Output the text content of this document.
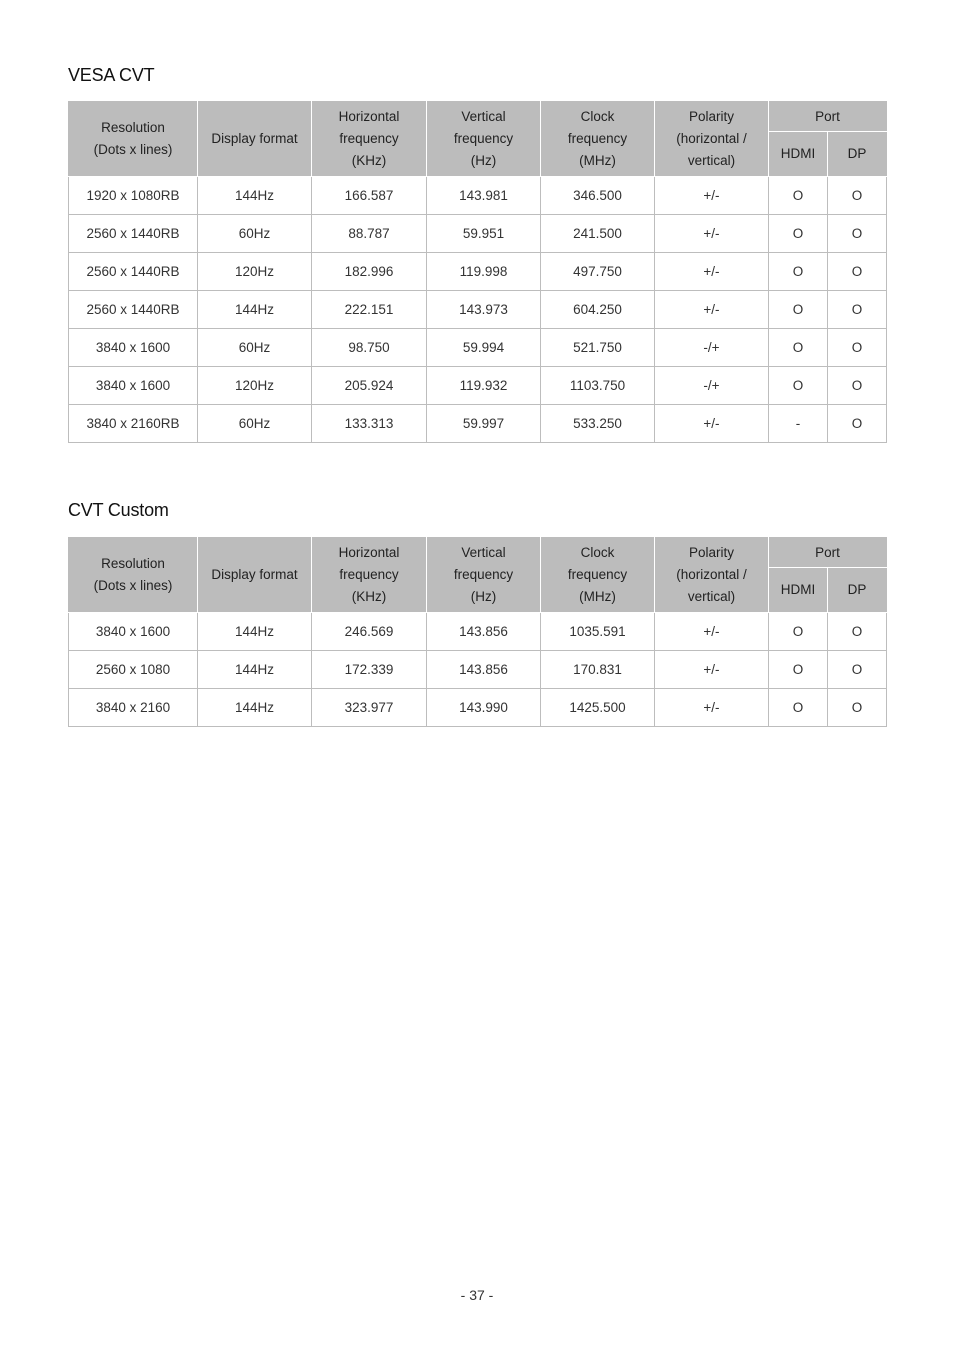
VESA CVT
Resolution
(Dots x lines)	Display format	Horizontal
frequency
(KHz)	Vertical
frequency
(Hz)	Clock
frequency
(MHz)	Polarity
(horizontal /
vertical)	Port	
						HDMI	DP
1920 x 1080RB	144Hz	166.587	143.981	346.500	+/-	O	O
2560 x 1440RB	60Hz	88.787	59.951	241.500	+/-	O	O
2560 x 1440RB	120Hz	182.996	119.998	497.750	+/-	O	O
2560 x 1440RB	144Hz	222.151	143.973	604.250	+/-	O	O
3840 x 1600	60Hz	98.750	59.994	521.750	-/+	O	O
3840 x 1600	120Hz	205.924	119.932	1103.750	-/+	O	O
3840 x 2160RB	60Hz	133.313	59.997	533.250	+/-	-	O
CVT Custom
Resolution
(Dots x lines)	Display format	Horizontal
frequency
(KHz)	Vertical
frequency
(Hz)	Clock
frequency
(MHz)	Polarity
(horizontal /
vertical)	Port	
						HDMI	DP
3840 x 1600	144Hz	246.569	143.856	1035.591	+/-	O	O
2560 x 1080	144Hz	172.339	143.856	170.831	+/-	O	O
3840 x 2160	144Hz	323.977	143.990	1425.500	+/-	O	O
- 37 -
